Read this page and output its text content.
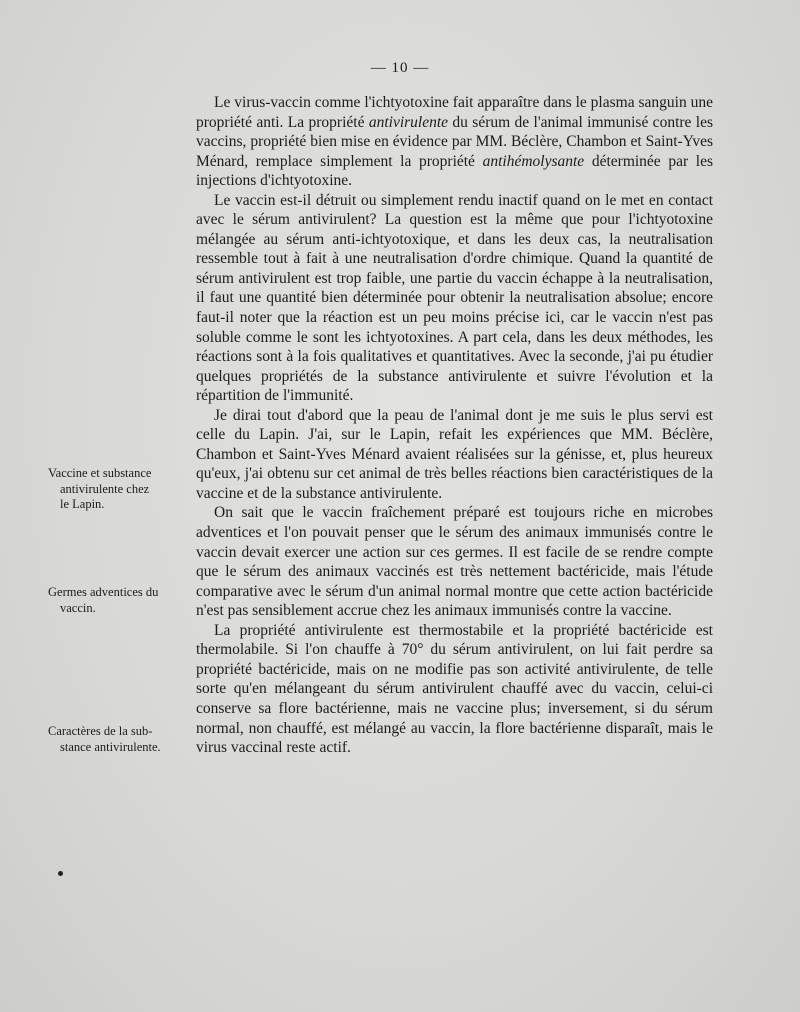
— 10 —
Vaccine et substance
antivirulente chez
le Lapin.
Germes adventices du
vaccin.
Caractères de la sub-
stance antivirulente.

Le virus-vaccin comme l'ichtyotoxine fait apparaître dans le plasma sanguin une propriété anti. La propriété antivirulente du sérum de l'animal immunisé contre les vaccins, propriété bien mise en évidence par MM. Béclère, Chambon et Saint-Yves Ménard, remplace simplement la propriété antihémolysante déterminée par les injections d'ichtyotoxine.

Le vaccin est-il détruit ou simplement rendu inactif quand on le met en contact avec le sérum antivirulent? La question est la même que pour l'ichtyotoxine mélangée au sérum anti-ichtyotoxique, et dans les deux cas, la neutralisation ressemble tout à fait à une neutralisation d'ordre chimique. Quand la quantité de sérum antivirulent est trop faible, une partie du vaccin échappe à la neutralisation, il faut une quantité bien déterminée pour obtenir la neutralisation absolue; encore faut-il noter que la réaction est un peu moins précise ici, car le vaccin n'est pas soluble comme le sont les ichtyotoxines. A part cela, dans les deux méthodes, les réactions sont à la fois qualitatives et quantitatives. Avec la seconde, j'ai pu étudier quelques propriétés de la substance antivirulente et suivre l'évolution et la répartition de l'immunité.

Je dirai tout d'abord que la peau de l'animal dont je me suis le plus servi est celle du Lapin. J'ai, sur le Lapin, refait les expériences que MM. Béclère, Chambon et Saint-Yves Ménard avaient réalisées sur la génisse, et, plus heureux qu'eux, j'ai obtenu sur cet animal de très belles réactions bien caractéristiques de la vaccine et de la substance antivirulente.

On sait que le vaccin fraîchement préparé est toujours riche en microbes adventices et l'on pouvait penser que le sérum des animaux immunisés contre le vaccin devait exercer une action sur ces germes. Il est facile de se rendre compte que le sérum des animaux vaccinés est très nettement bactéricide, mais l'étude comparative avec le sérum d'un animal normal montre que cette action bactéricide n'est pas sensiblement accrue chez les animaux immunisés contre la vaccine.

La propriété antivirulente est thermostabile et la propriété bactéricide est thermolabile. Si l'on chauffe à 70° du sérum antivirulent, on lui fait perdre sa propriété bactéricide, mais on ne modifie pas son activité antivirulente, de telle sorte qu'en mélangeant du sérum antivirulent chauffé avec du vaccin, celui-ci conserve sa flore bactérienne, mais ne vaccine plus; inversement, si du sérum normal, non chauffé, est mélangé au vaccin, la flore bactérienne disparaît, mais le virus vaccinal reste actif.
